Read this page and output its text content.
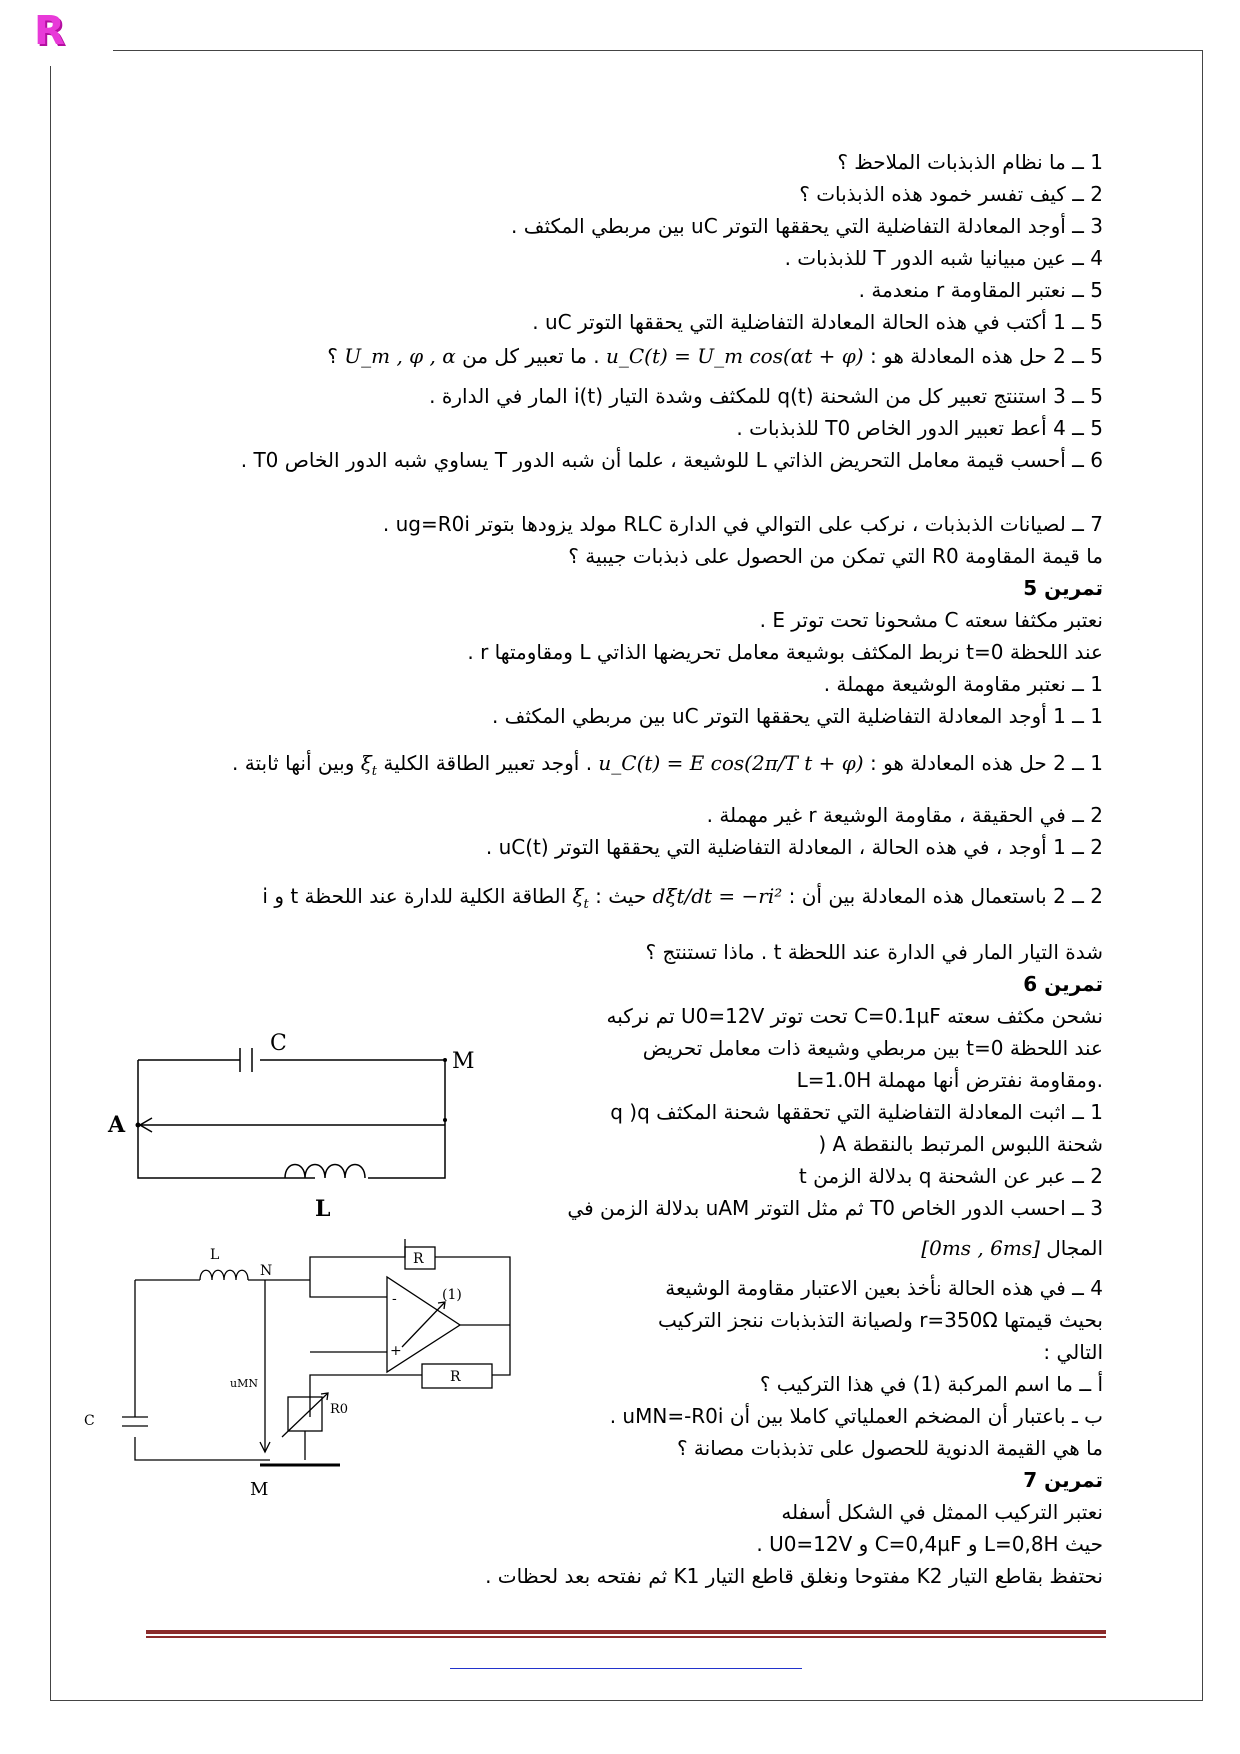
R
1 ــ ما نظام الذبذبات الملاحظ ؟
2 ــ كيف تفسر خمود هذه الذبذبات ؟
3 ــ أوجد المعادلة التفاضلية التي يحققها التوتر uC بين مربطي المكثف .
4 ــ عين مبيانيا شبه الدور T للذبذبات .
5 ــ نعتبر المقاومة r منعدمة .
5 ــ 1 أكتب في هذه الحالة المعادلة التفاضلية التي يحققها التوتر uC .
5 ــ 2 حل هذه المعادلة هو : u_C(t) = U_m cos(αt + φ) . ما تعبير كل من U_m , φ , α ؟
5 ــ 3 استنتج تعبير كل من الشحنة q(t) للمكثف وشدة التيار i(t) المار في الدارة .
5 ــ 4 أعط تعبير الدور الخاص T0 للذبذبات .
6 ــ أحسب قيمة معامل التحريض الذاتي L للوشيعة ، علما أن شبه الدور T يساوي شبه الدور الخاص T0 .
7 ــ لصيانات الذبذبات ، نركب على التوالي في الدارة RLC مولد يزودها بتوتر ug=R0i .
ما قيمة المقاومة R0 التي تمكن من الحصول على ذبذبات جيبية ؟
تمرين 5
نعتبر مكثفا سعته C مشحونا تحت توتر E .
عند اللحظة t=0 نربط المكثف بوشيعة معامل تحريضها الذاتي L ومقاومتها r .
1 ــ نعتبر مقاومة الوشيعة مهملة .
1 ــ 1 أوجد المعادلة التفاضلية التي يحققها التوتر uC بين مربطي المكثف .
1 ــ 2 حل هذه المعادلة هو : u_C(t) = E cos(2π/T t + φ) . أوجد تعبير الطاقة الكلية $\xi_t$ وبين أنها ثابتة .
2 ــ في الحقيقة ، مقاومة الوشيعة r غير مهملة .
2 ــ 1 أوجد ، في هذه الحالة ، المعادلة التفاضلية التي يحققها التوتر uC(t) .
2 ــ 2 باستعمال هذه المعادلة بين أن : dξt/dt = −ri² حيث : $\xi_t$ الطاقة الكلية للدارة عند اللحظة t و i
شدة التيار المار في الدارة عند اللحظة t . ماذا تستنتج ؟
تمرين 6
نشحن مكثف سعته C=0.1µF تحت توتر U0=12V تم نركبه
عند اللحظة t=0 بين مربطي وشيعة ذات معامل تحريض
L=1.0H ومقاومة نفترض أنها مهملة.
1 ــ اثبت المعادلة التفاضلية التي تحققها شحنة المكثف q )q
شحنة اللبوس المرتبط بالنقطة A (
2 ــ عبر عن الشحنة q بدلالة الزمن t
3 ــ احسب الدور الخاص T0 ثم مثل التوتر uAM بدلالة الزمن في
المجال [0ms , 6ms]
4 ــ في هذه الحالة نأخذ بعين الاعتبار مقاومة الوشيعة
بحيث قيمتها r=350Ω ولصيانة التذبذبات ننجز التركيب
التالي :
أ ــ ما اسم المركبة (1) في هذا التركيب ؟
ب ـ باعتبار أن المضخم العملياتي كاملا بين أن uMN=-R0i .
ما هي القيمة الدنوية للحصول على تذبذبات مصانة ؟
تمرين 7
نعتبر التركيب الممثل في الشكل أسفله
حيث L=0,8H و C=0,4µF و U0=12V .
نحتفظ بقاطع التيار K2 مفتوحا ونغلق قاطع التيار K1 ثم نفتحه بعد لحظات .
C
M
A
L
L
N
R
R
(1)
-
+
C
M
uMN
R0
